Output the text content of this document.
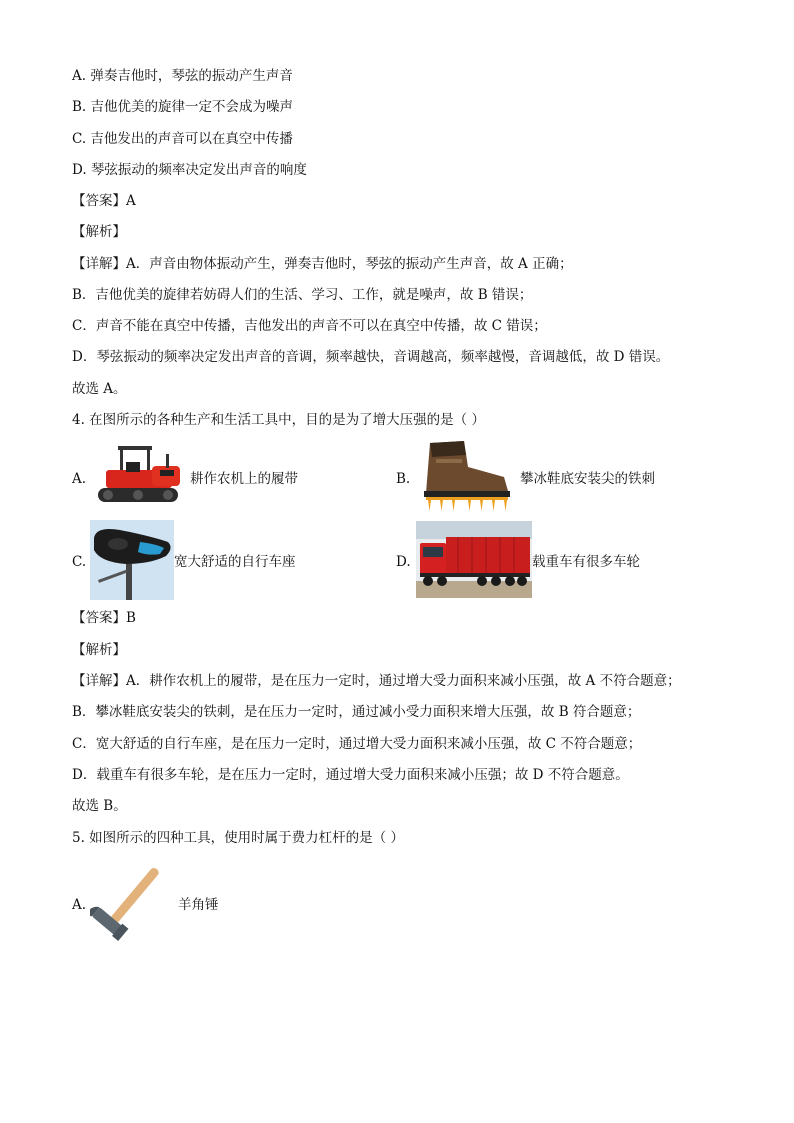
A. 弹奏吉他时，琴弦的振动产生声音
B. 吉他优美的旋律一定不会成为噪声
C. 吉他发出的声音可以在真空中传播
D. 琴弦振动的频率决定发出声音的响度
【答案】A
【解析】
【详解】A．声音由物体振动产生，弹奏吉他时，琴弦的振动产生声音，故 A 正确；
B．吉他优美的旋律若妨碍人们的生活、学习、工作，就是噪声，故 B 错误；
C．声音不能在真空中传播，吉他发出的声音不可以在真空中传播，故 C 错误；
D．琴弦振动的频率决定发出声音的音调，频率越快，音调越高，频率越慢，音调越低，故 D 错误。
故选 A。
4. 在图所示的各种生产和生活工具中，目的是为了增大压强的是（ ）
A.	耕作农机上的履带	B.	攀冰鞋底安装尖的铁刺
C.	宽大舒适的自行车座	D.	载重车有很多车轮
【答案】B
【解析】
【详解】A．耕作农机上的履带，是在压力一定时，通过增大受力面积来减小压强，故 A 不符合题意；
B．攀冰鞋底安装尖的铁刺，是在压力一定时，通过减小受力面积来增大压强，故 B 符合题意；
C．宽大舒适的自行车座，是在压力一定时，通过增大受力面积来减小压强，故 C 不符合题意；
D．载重车有很多车轮，是在压力一定时，通过增大受力面积来减小压强；故 D 不符合题意。
故选 B。
5. 如图所示的四种工具，使用时属于费力杠杆的是（ ）
A.	羊角锤
